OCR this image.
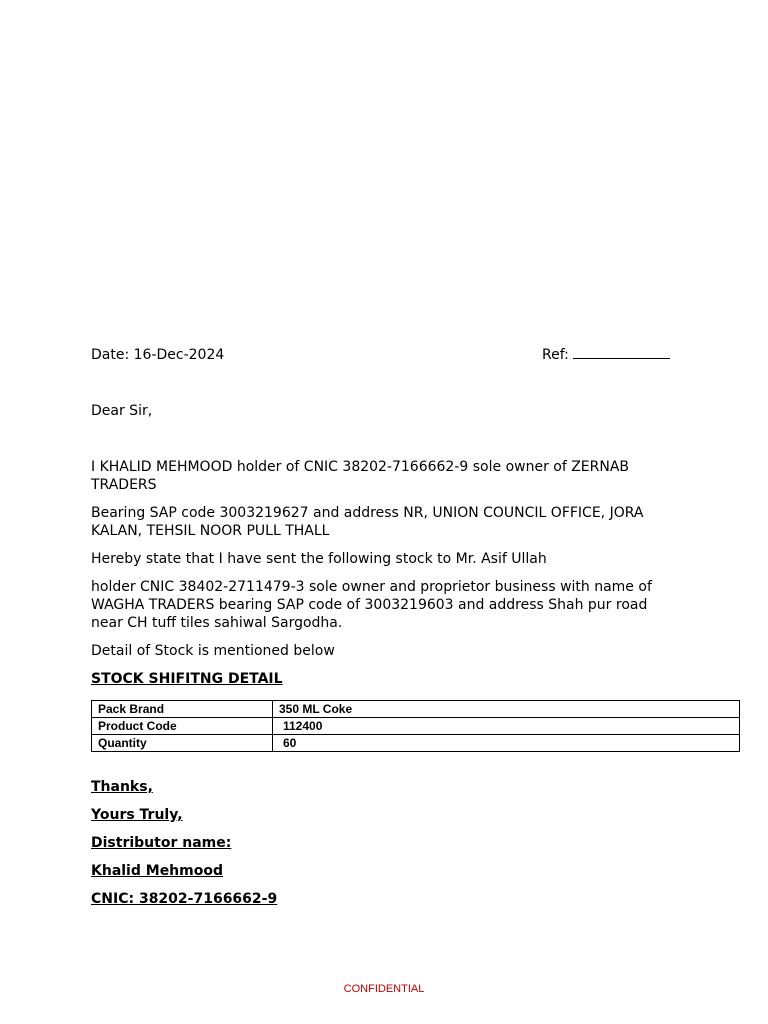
Date: 16-Dec-2024	Ref:
Dear Sir,

I KHALID MEHMOOD holder of CNIC 38202-7166662-9 sole owner of ZERNAB TRADERS

Bearing SAP code 3003219627 and address NR, UNION COUNCIL OFFICE, JORA KALAN, TEHSIL NOOR PULL THALL

Hereby state that I have sent the following stock to Mr. Asif Ullah

holder CNIC 38402-2711479-3 sole owner and proprietor business with name of WAGHA TRADERS bearing SAP code of 3003219603 and address Shah pur road near CH tuff tiles sahiwal Sargodha.

Detail of Stock is mentioned below

STOCK SHIFITNG DETAIL
Pack Brand	350 ML Coke
Product Code	112400
Quantity	60
Thanks,
Yours Truly,
Distributor name:
Khalid Mehmood
CNIC: 38202-7166662-9
CONFIDENTIAL
